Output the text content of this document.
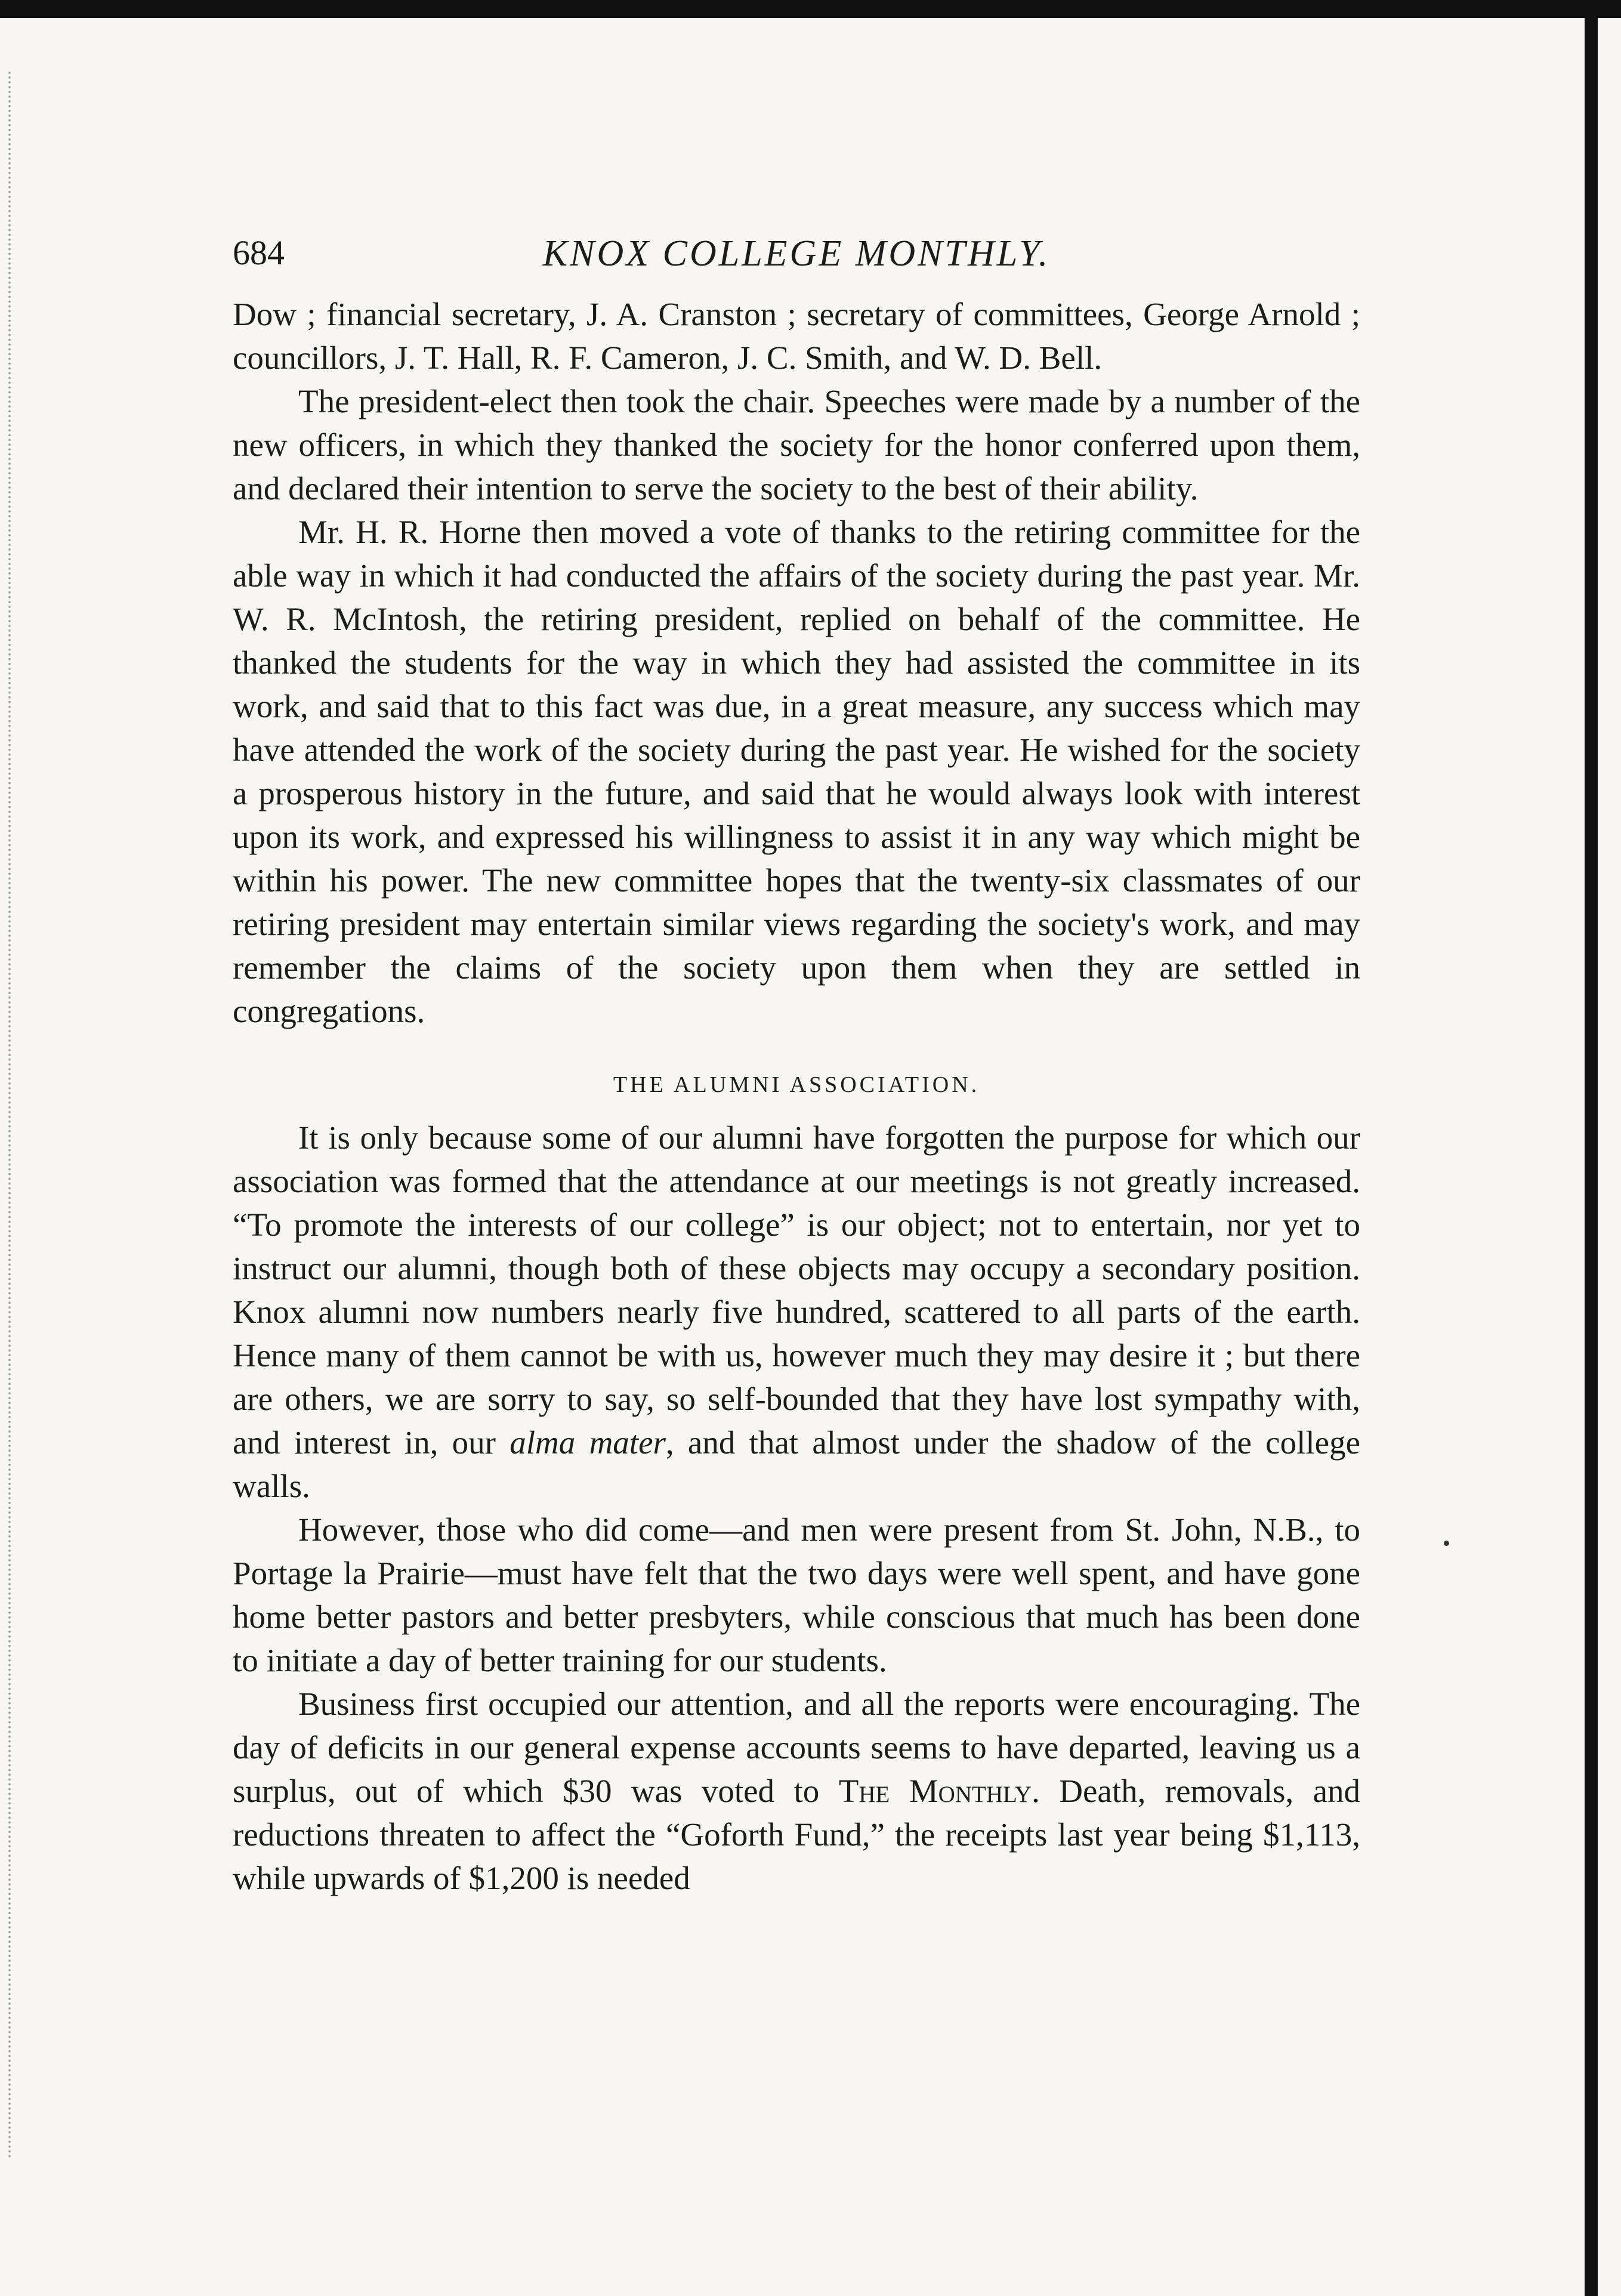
684	KNOX COLLEGE MONTHLY.

Dow ; financial secretary, J. A. Cranston ; secretary of committees, George Arnold ; councillors, J. T. Hall, R. F. Cameron, J. C. Smith, and W. D. Bell.

The president-elect then took the chair. Speeches were made by a number of the new officers, in which they thanked the society for the honor conferred upon them, and declared their intention to serve the society to the best of their ability.

Mr. H. R. Horne then moved a vote of thanks to the retiring committee for the able way in which it had conducted the affairs of the society during the past year. Mr. W. R. McIntosh, the retiring president, replied on behalf of the committee. He thanked the students for the way in which they had assisted the committee in its work, and said that to this fact was due, in a great measure, any success which may have attended the work of the society during the past year. He wished for the society a prosperous history in the future, and said that he would always look with interest upon its work, and expressed his willingness to assist it in any way which might be within his power. The new committee hopes that the twenty-six classmates of our retiring president may entertain similar views regarding the society's work, and may remember the claims of the society upon them when they are settled in congregations.

THE ALUMNI ASSOCIATION.

It is only because some of our alumni have forgotten the purpose for which our association was formed that the attendance at our meetings is not greatly increased. “To promote the interests of our college” is our object; not to entertain, nor yet to instruct our alumni, though both of these objects may occupy a secondary position. Knox alumni now numbers nearly five hundred, scattered to all parts of the earth. Hence many of them cannot be with us, however much they may desire it ; but there are others, we are sorry to say, so self-bounded that they have lost sympathy with, and interest in, our alma mater, and that almost under the shadow of the college walls.

However, those who did come—and men were present from St. John, N.B., to Portage la Prairie—must have felt that the two days were well spent, and have gone home better pastors and better presbyters, while conscious that much has been done to initiate a day of better training for our students.

Business first occupied our attention, and all the reports were encouraging. The day of deficits in our general expense accounts seems to have departed, leaving us a surplus, out of which $30 was voted to The Monthly. Death, removals, and reductions threaten to affect the “Goforth Fund,” the receipts last year being $1,113, while upwards of $1,200 is needed
